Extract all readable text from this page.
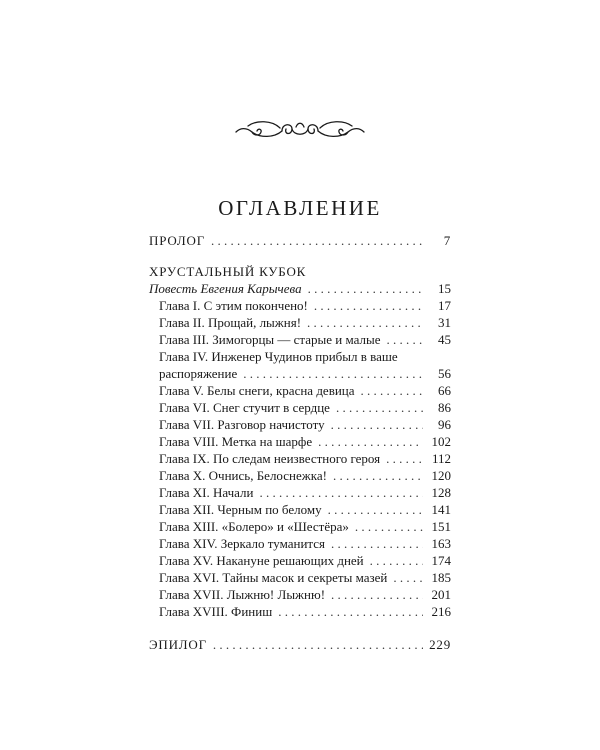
ОГЛАВЛЕНИЕ
ПРОЛОГ . . .	7
ХРУСТАЛЬНЫЙ КУБОК
Повесть Евгения Карычева . . .	15
Глава I. С этим покончено! . . .	17
Глава II. Прощай, лыжня! . . .	31
Глава III. Зимогорцы — старые и малые . . .	45
Глава IV. Инженер Чудинов прибыл в ваше
распоряжение . . .	56
Глава V. Белы снеги, красна девица . . .	66
Глава VI. Снег стучит в сердце . . .	86
Глава VII. Разговор начистоту . . .	96
Глава VIII. Метка на шарфе . . .	102
Глава IX. По следам неизвестного героя . . .	112
Глава X. Очнись, Белоснежка! . . .	120
Глава XI. Начали . . .	128
Глава XII. Черным по белому . . .	141
Глава XIII. «Болеро» и «Шестёра» . . .	151
Глава XIV. Зеркало туманится . . .	163
Глава XV. Накануне решающих дней . . .	174
Глава XVI. Тайны масок и секреты мазей . . .	185
Глава XVII. Лыжню! Лыжню! . . .	201
Глава XVIII. Финиш . . .	216
ЭПИЛОГ . . .	229
